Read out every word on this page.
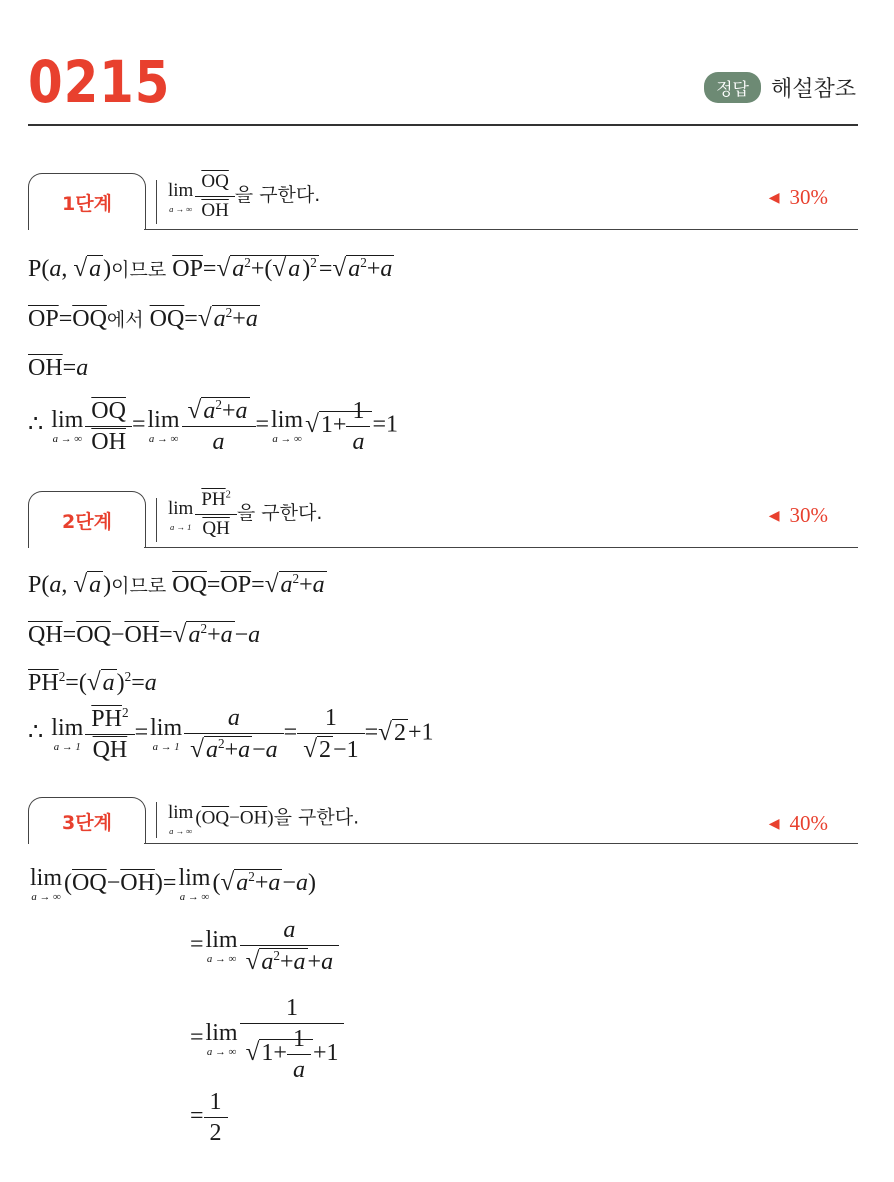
0215	정답	해설참조
1단계
lim
a → ∞ $\frac{\overline{OQ}}{OH}$ 을 구한다.	◀ 30%
P(a, √a)이므로 $\overline{OP}=√a^2+(√a)^2=√a^2+a$
$\overline{OP}=\overline{OQ}$에서 $\overline{OQ}=√a^2+a$
$\overline{OH}=a$
∴ lim
a → ∞ $\frac{\overline{OQ}}{OH} = \lim$
a → ∞ $\frac{√a^2+a}{a} = \lim$
a → ∞
$√1+ \frac{1}{a} =1$
2단계
lim
$a \to 1 \frac{\overline{PH}^2}{QH}$ 을 구한다.	◀ 30%
P(a, √a)이므로 $\overline{OQ}=\overline{OP}=√a^2+a$
$\overline{QH}=\overline{OQ}-\overline{OH}=√a^2+a-a$
$\overline{PH}^2=(√a)^2=a$
∴ lim
$a \to 1 \frac{\overline{PH}^2}{QH} = \lim$
$a \to 1 \frac{a}{√a^2+a-a} = \frac{1}{√2-1} =√2+1$
3단계	lim
a → ∞
$(\overline{OQ}-\overline{OH})$을 구한다.	◀ 40%
lim
a → ∞
$(\overline{OQ}-\overline{OH})= \lim$
a → ∞
$(√a^2+a-a)$
= lim
a → ∞ $\frac{a}{√a^2+a+a}$
= lim
a → ∞ $\frac{1}{√1+ \frac{1}{a} +1}$
= $\frac{1}{2}$
